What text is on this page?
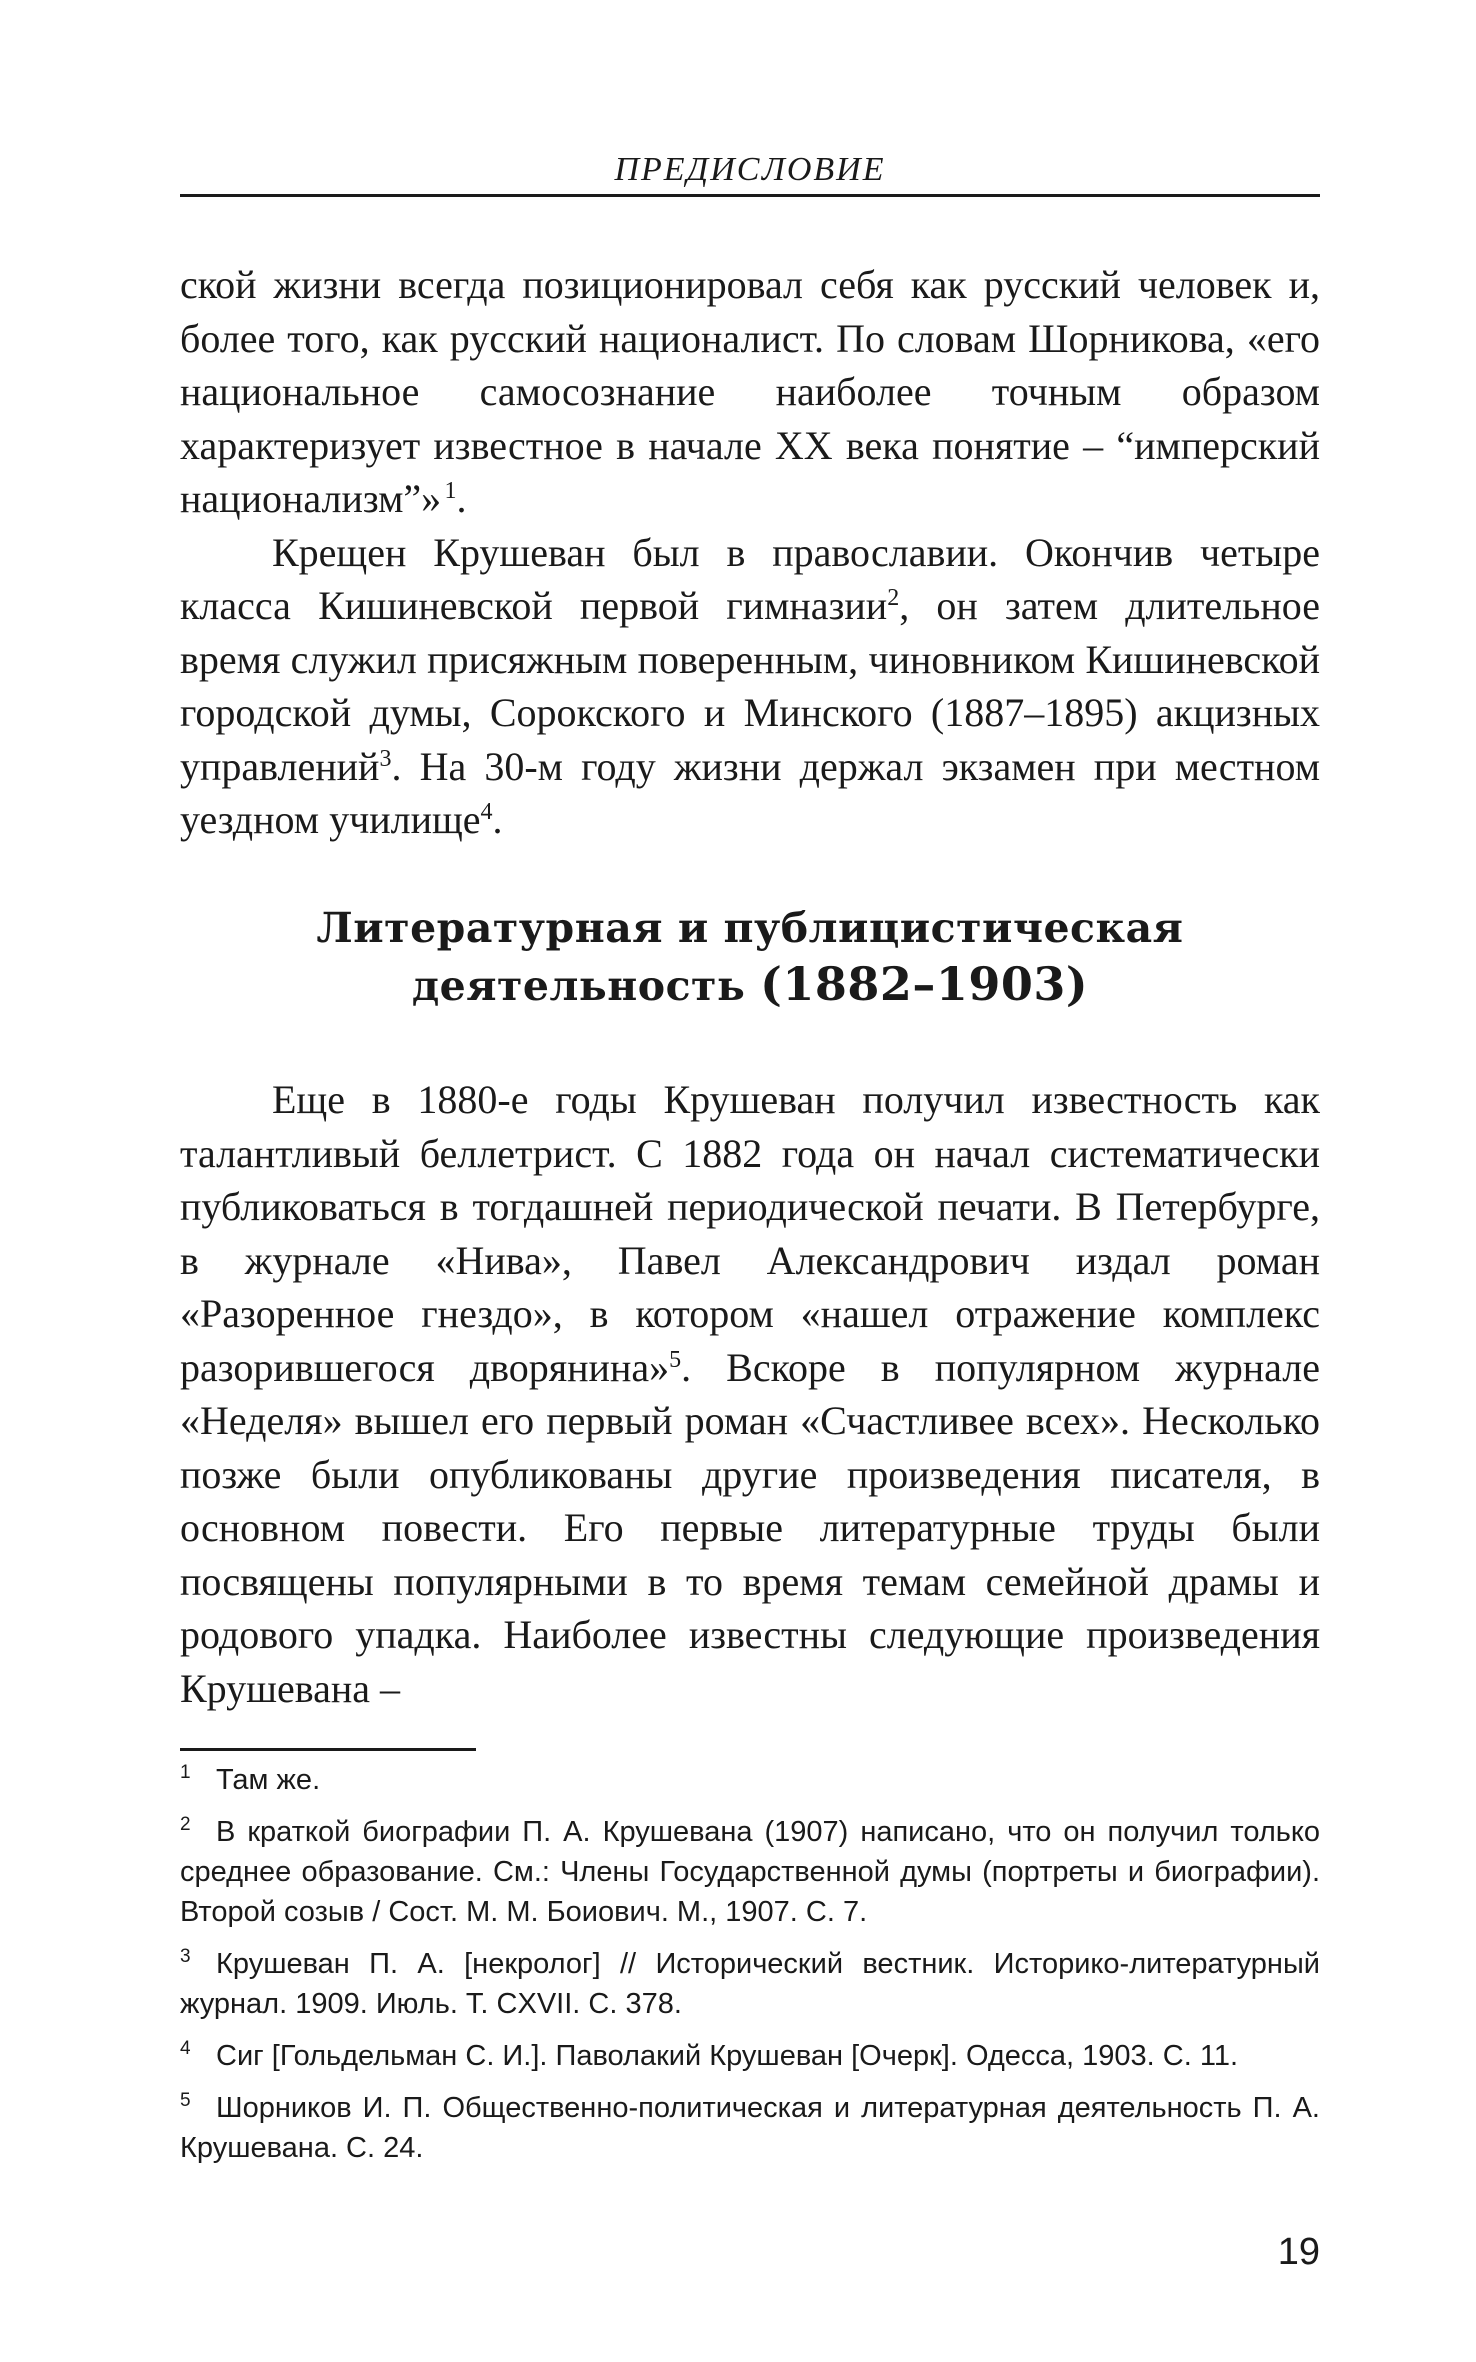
ПРЕДИСЛОВИЕ

ской жизни всегда позиционировал себя как русский человек и, более того, как русский националист. По словам Шорникова, «его национальное самосознание наиболее точным образом характеризует известное в начале ХХ века понятие – “имперский национализм”»  $^1$.

Крещен Крушеван был в православии. Окончив четыре класса Кишиневской первой гимназии$^2$, он затем длительное время служил присяжным поверенным, чиновником Кишиневской городской думы, Сорокского и Минского (1887–1895) акцизных управлений$^3$. На 30-м году жизни держал экзамен при местном уездном училище$^4$.

Литературная и публицистическая
деятельность (1882–1903)

Еще в 1880-е годы Крушеван получил известность как талантливый беллетрист. С 1882 года он начал систематически публиковаться в тогдашней периодической печати. В Петербурге, в журнале «Нива», Павел Александрович издал роман «Разоренное гнездо», в котором «нашел отражение комплекс разорившегося дворянина»$^5$. Вскоре в популярном журнале «Неделя» вышел его первый роман «Счастливее всех». Несколько позже были опубликованы другие произведения писателя, в основном повести. Его первые литературные труды были посвящены популярными в то время темам семейной драмы и родового упадка. Наиболее известны следующие произведения Крушевана –

1 Там же.

2 В краткой биографии П. А. Крушевана (1907) написано, что он получил только среднее образование. См.: Члены Государственной думы (портреты и биографии). Второй созыв / Сост. М. М. Боиович. М., 1907. С. 7.

3 Крушеван П. А. [некролог] // Исторический вестник. Историко-литературный журнал. 1909. Июль. Т. CXVII. С. 378.

4 Сиг [Гольдельман С. И.]. Паволакий Крушеван [Очерк]. Одесса, 1903. С. 11.

5 Шорников И. П. Общественно-политическая и литературная деятельность П. А. Крушевана. С. 24.

19
